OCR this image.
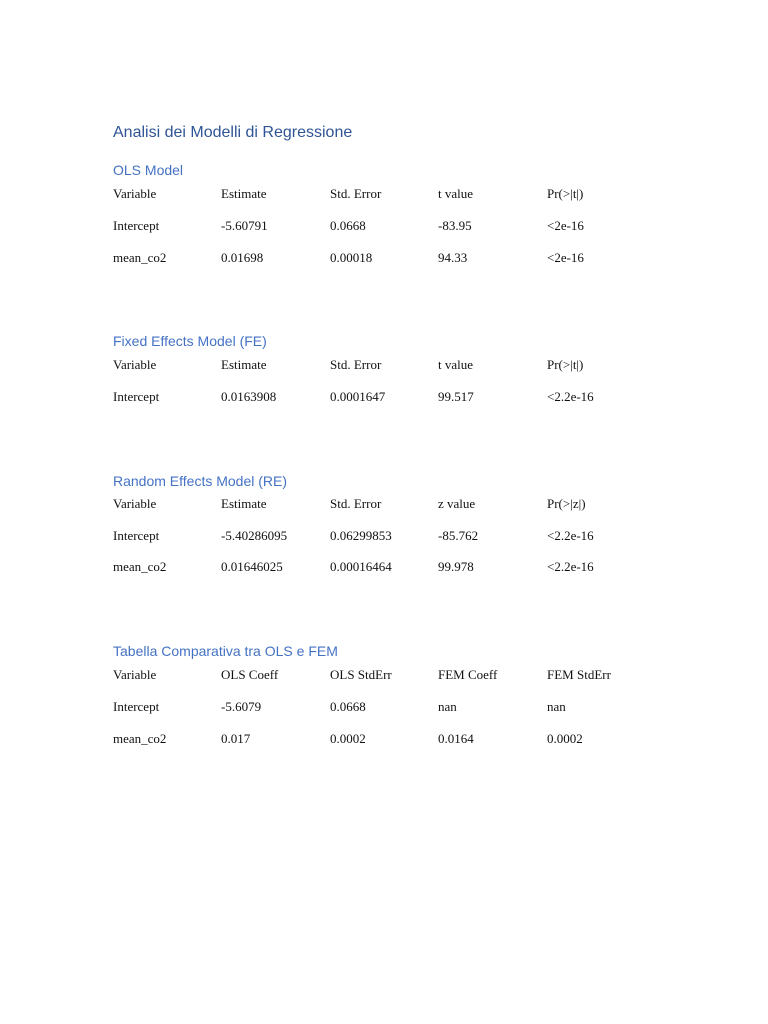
Analisi dei Modelli di Regressione
OLS Model
Variable	Estimate	Std. Error	t value	Pr(>|t|)
Intercept	-5.60791	0.0668	-83.95	<2e-16
mean_co2	0.01698	0.00018	94.33	<2e-16
Fixed Effects Model (FE)
Variable	Estimate	Std. Error	t value	Pr(>|t|)
Intercept	0.0163908	0.0001647	99.517	<2.2e-16
Random Effects Model (RE)
Variable	Estimate	Std. Error	z value	Pr(>|z|)
Intercept	-5.40286095	0.06299853	-85.762	<2.2e-16
mean_co2	0.01646025	0.00016464	99.978	<2.2e-16
Tabella Comparativa tra OLS e FEM
Variable	OLS Coeff	OLS StdErr	FEM Coeff	FEM StdErr
Intercept	-5.6079	0.0668	nan	nan
mean_co2	0.017	0.0002	0.0164	0.0002
